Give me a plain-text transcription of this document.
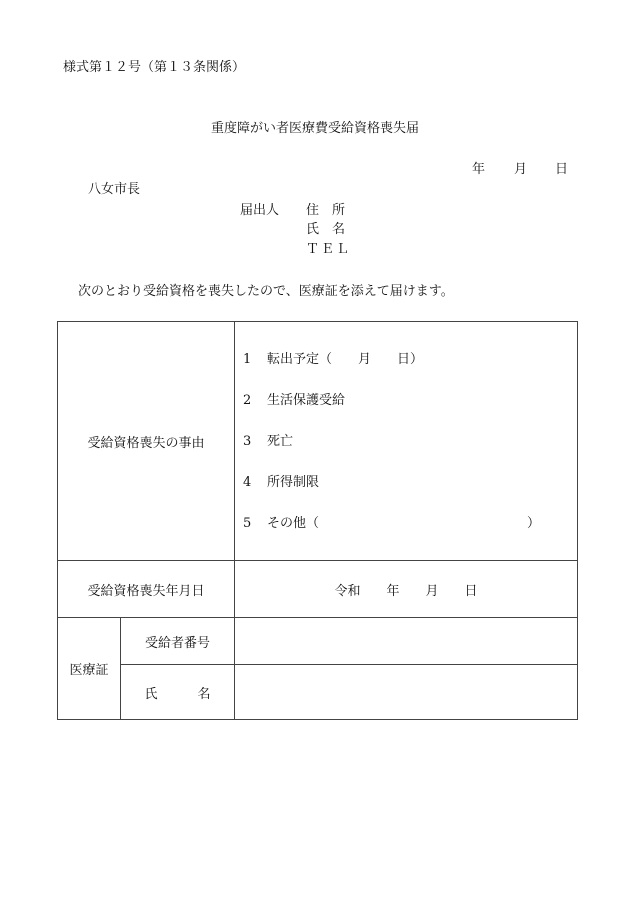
様式第１２号（第１３条関係）
重度障がい者医療費受給資格喪失届
年 月 日
八女市長
届出人 住　所
氏　名
ＴＥＬ
次のとおり受給資格を喪失したので、医療証を添えて届けます。
受給資格喪失の事由		1 転出予定（　　月　　日）
2 生活保護受給
3 死亡
4 所得制限
5 その他（　　　　　　　　　　　　　　　　）

受給資格喪失年月日		令和　　年　　月　　日
医療証	受給者番号	

	氏 名	
